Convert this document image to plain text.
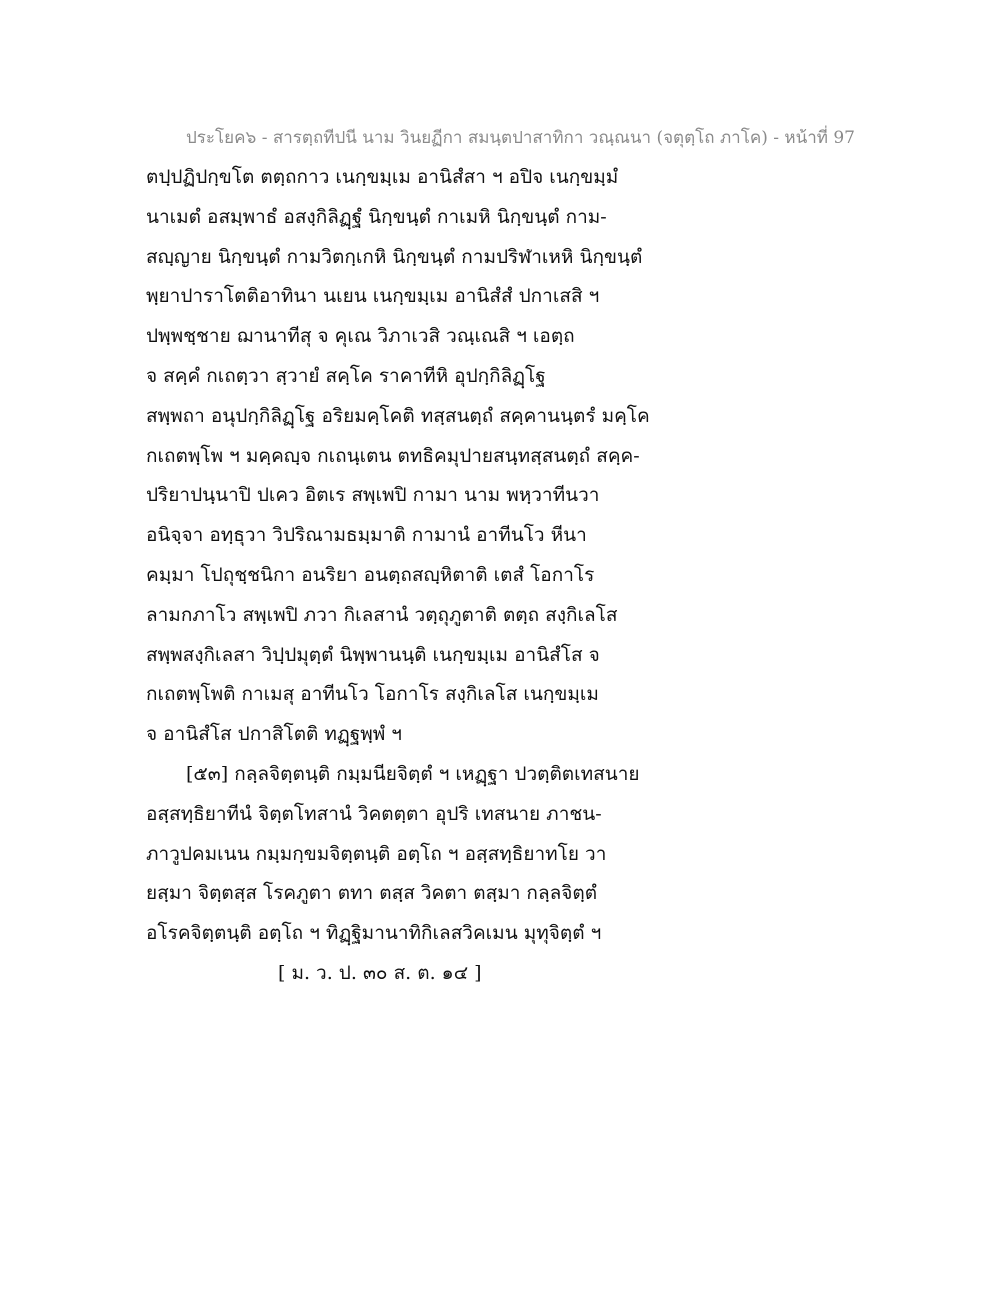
ประโยค๖ - สารตฺถทีปนี นาม วินยฏีกา สมนฺตปาสาทิกา วณฺณนา (จตุตฺโถ ภาโค) - หน้าที่ 97
ตปฺปฏิปกฺขโต ตตฺถกาว เนกฺขมฺเม อานิสํสา ฯ อปิจ เนกฺขมฺมํ
นาเมตํ อสมฺพาธํ อสงฺกิลิฏฺฐํ นิกฺขนฺตํ กาเมหิ นิกฺขนฺตํ กาม-
สญฺญาย นิกฺขนฺตํ กามวิตกฺเกหิ นิกฺขนฺตํ กามปริฬาเหหิ นิกฺขนฺตํ
พฺยาปาราโตติอาทินา นเยน เนกฺขมฺเม อานิสํสํ ปกาเสสิ ฯ
ปพฺพชฺชาย ฌานาทีสุ จ คุเณ วิภาเวสิ วณฺเณสิ ฯ เอตฺถ
จ สคฺคํ กเถตฺวา สฺวายํ สคฺโค ราคาทีหิ อุปกฺกิลิฏฺโฐ
สพฺพถา อนุปกฺกิลิฏฺโฐ อริยมคฺโคติ ทสฺสนตฺถํ สคฺคานนฺตรํ มคฺโค
กเถตพฺโพ ฯ มคฺคญฺจ กเถนฺเตน ตทธิคมุปายสนฺทสฺสนตฺถํ สคฺค-
ปริยาปนฺนาปิ ปเคว อิตเร สพฺเพปิ กามา นาม พหฺวาทีนวา
อนิจฺจา อทฺธุวา วิปริณามธมฺมาติ กามานํ อาทีนโว หีนา
คมฺมา โปถุชฺชนิกา อนริยา อนตฺถสญฺหิตาติ เตสํ โอกาโร
ลามกภาโว สพฺเพปิ ภวา กิเลสานํ วตฺถุภูตาติ ตตฺถ สงฺกิเลโส
สพฺพสงฺกิเลสา วิปฺปมุตฺตํ นิพฺพานนฺติ เนกฺขมฺเม อานิสํโส จ
กเถตพฺโพติ กาเมสุ อาทีนโว โอกาโร สงฺกิเลโส เนกฺขมฺเม
จ อานิสํโส ปกาสิโตติ ทฏฺฐพฺพํ ฯ
[๕๓] กลฺลจิตฺตนฺติ กมฺมนียจิตฺตํ ฯ เหฏฺฐา ปวตฺติตเทสนาย
อสฺสทฺธิยาทีนํ จิตฺตโทสานํ วิคตตฺตา อุปริ เทสนาย ภาชน-
ภาวูปคมเนน กมฺมกฺขมจิตฺตนฺติ อตฺโถ ฯ อสฺสทฺธิยาทโย วา
ยสฺมา จิตฺตสฺส โรคภูตา ตทา ตสฺส วิคตา ตสฺมา กลฺลจิตฺตํ
อโรคจิตฺตนฺติ อตฺโถ ฯ ทิฏฺฐิมานาทิกิเลสวิคเมน มุทุจิตฺตํ ฯ
[ ม. ว. ป. ๓๐ ส. ต. ๑๔ ]
